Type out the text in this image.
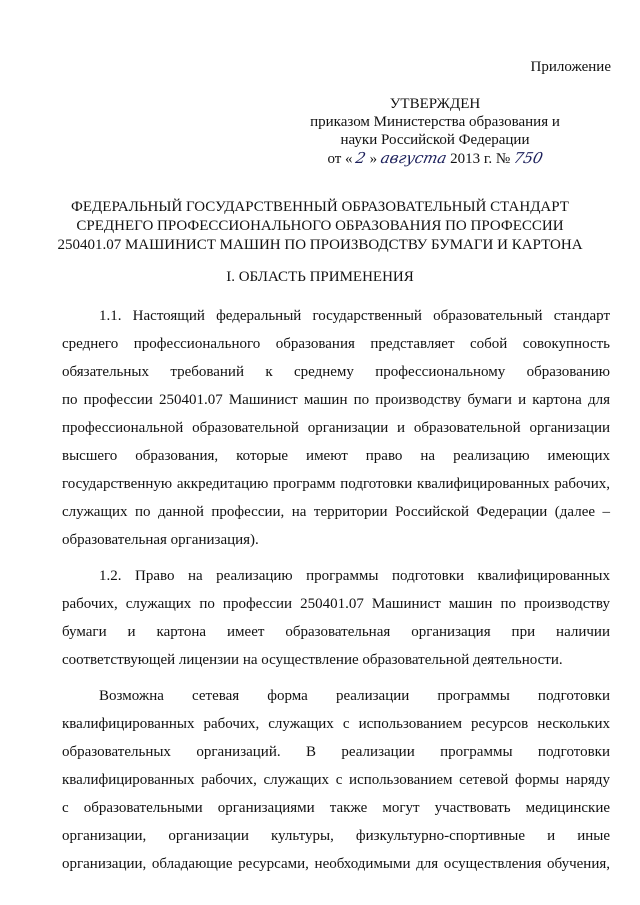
Приложение
УТВЕРЖДЕН
приказом Министерства образования и
науки Российской Федерации
от « 2 » августа 2013 г. № 750
ФЕДЕРАЛЬНЫЙ ГОСУДАРСТВЕННЫЙ ОБРАЗОВАТЕЛЬНЫЙ СТАНДАРТ
СРЕДНЕГО ПРОФЕССИОНАЛЬНОГО ОБРАЗОВАНИЯ ПО ПРОФЕССИИ
250401.07 МАШИНИСТ МАШИН ПО ПРОИЗВОДСТВУ БУМАГИ И КАРТОНА
I. ОБЛАСТЬ ПРИМЕНЕНИЯ
1.1. Настоящий федеральный государственный образовательный стандарт
среднего профессионального образования представляет собой совокупность
обязательных требований к среднему профессиональному образованию
по профессии 250401.07 Машинист машин по производству бумаги и картона для
профессиональной образовательной организации и образовательной организации
высшего образования, которые имеют право на реализацию имеющих
государственную аккредитацию программ подготовки квалифицированных рабочих,
служащих по данной профессии, на территории Российской Федерации (далее –
образовательная организация).
1.2. Право на реализацию программы подготовки квалифицированных
рабочих, служащих по профессии 250401.07 Машинист машин по производству
бумаги и картона имеет образовательная организация при наличии
соответствующей лицензии на осуществление образовательной деятельности.
Возможна сетевая форма реализации программы подготовки
квалифицированных рабочих, служащих с использованием ресурсов нескольких
образовательных организаций. В реализации программы подготовки
квалифицированных рабочих, служащих с использованием сетевой формы наряду
с образовательными организациями также могут участвовать медицинские
организации, организации культуры, физкультурно-спортивные и иные
организации, обладающие ресурсами, необходимыми для осуществления обучения,
